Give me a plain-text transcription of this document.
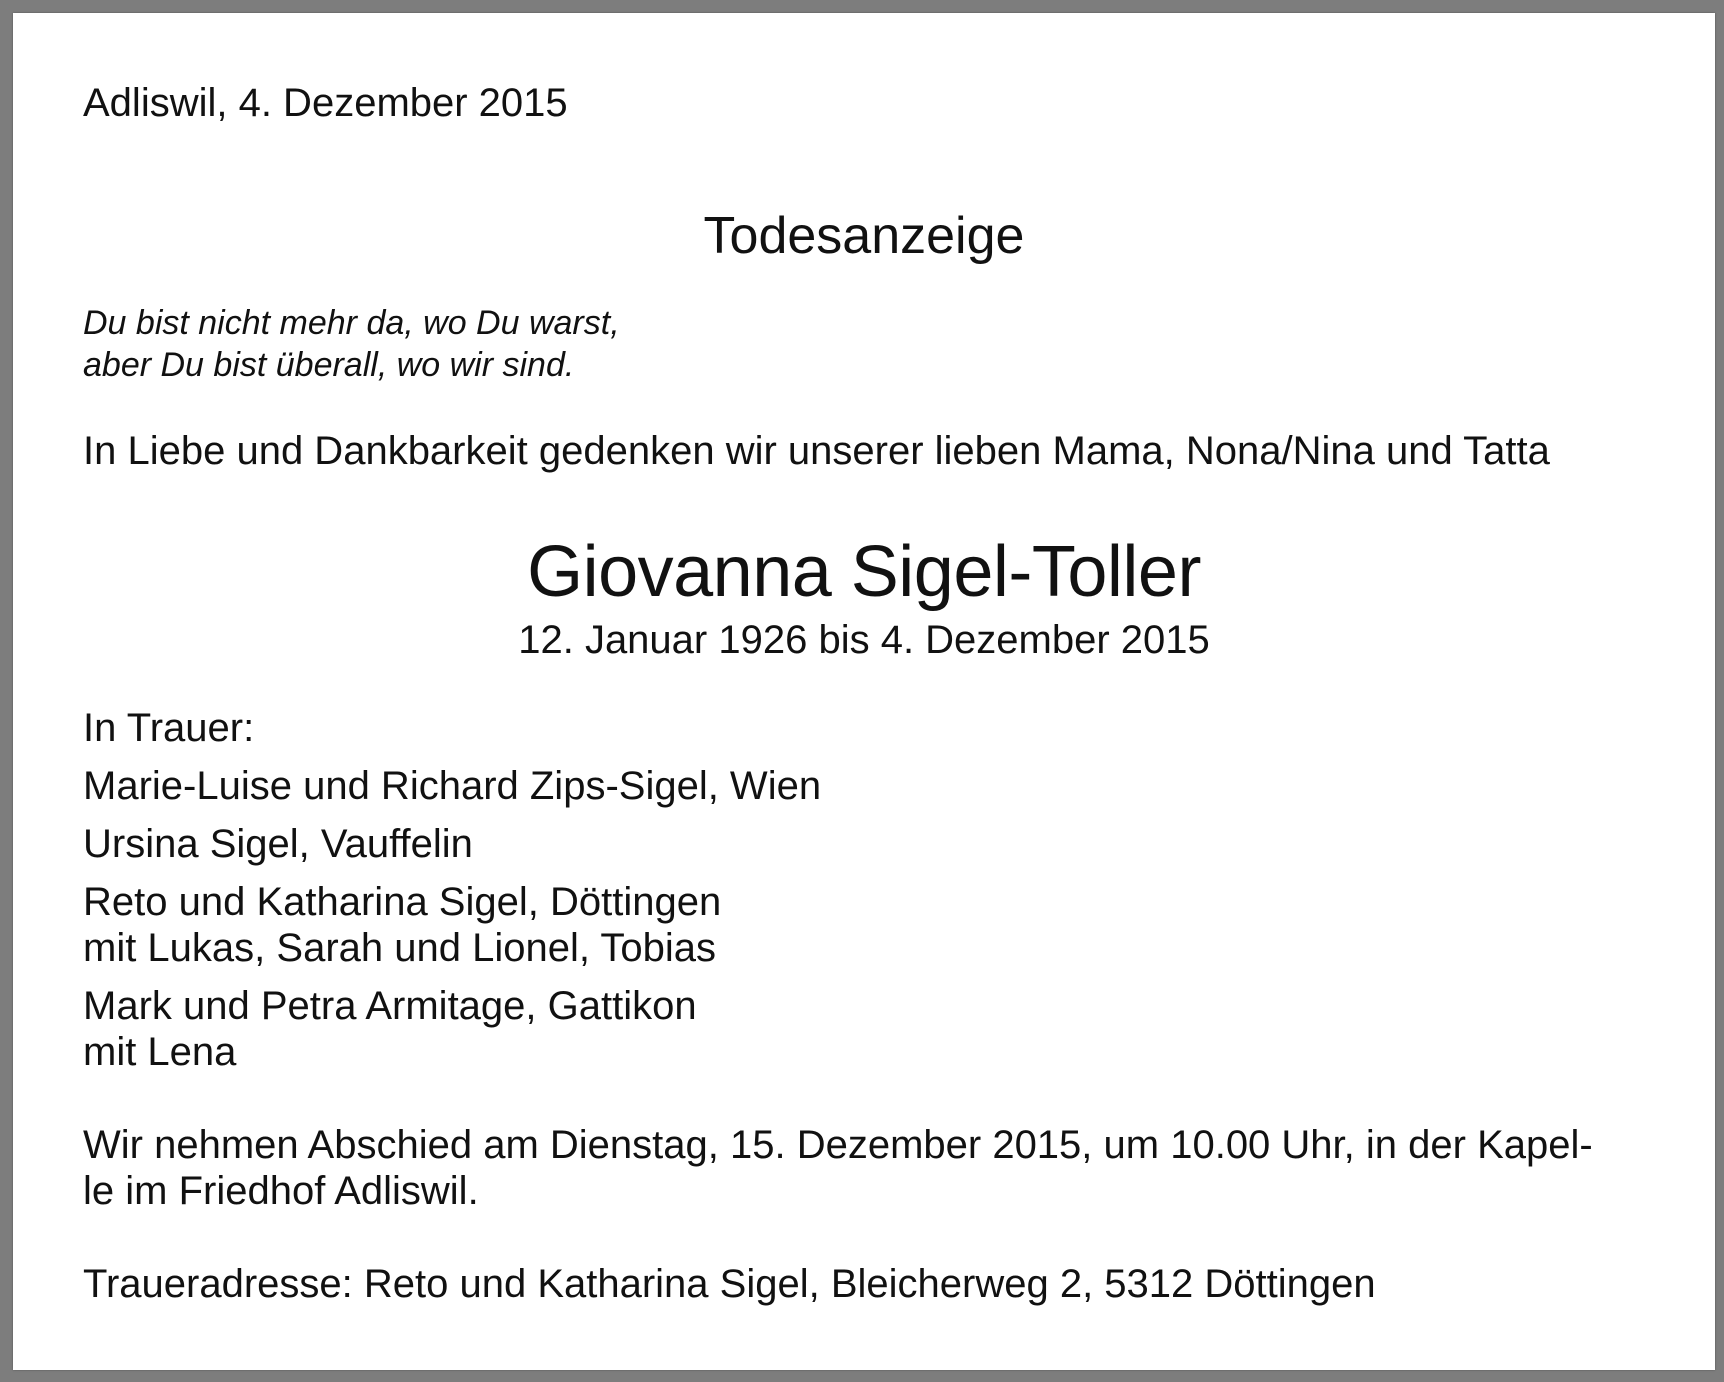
Adliswil, 4. Dezember 2015

Todesanzeige

Du bist nicht mehr da, wo Du warst,

aber Du bist überall, wo wir sind.

In Liebe und Dankbarkeit gedenken wir unserer lieben Mama, Nona/Nina und Tatta

Giovanna Sigel-Toller

12. Januar 1926 bis 4. Dezember 2015

In Trauer:

Marie-Luise und Richard Zips-Sigel, Wien

Ursina Sigel, Vauffelin

Reto und Katharina Sigel, Döttingen

mit Lukas, Sarah und Lionel, Tobias

Mark und Petra Armitage, Gattikon

mit Lena

Wir nehmen Abschied am Dienstag, 15. Dezember 2015, um 10.00 Uhr, in der Kapel-

le im Friedhof Adliswil.

Traueradresse: Reto und Katharina Sigel, Bleicherweg 2, 5312 Döttingen
